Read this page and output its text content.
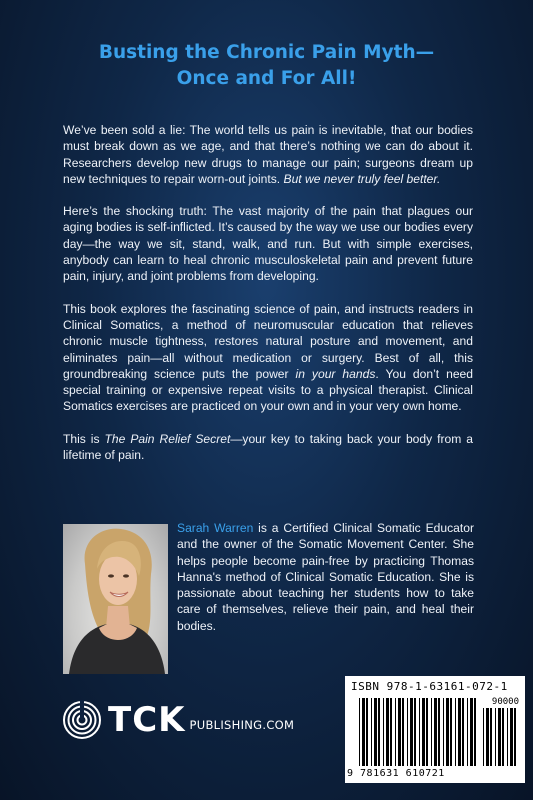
Busting the Chronic Pain Myth—
Once and For All!

We’ve been sold a lie: The world tells us pain is inevitable, that our bodies must break down as we age, and that there’s nothing we can do about it. Researchers develop new drugs to manage our pain; surgeons dream up new techniques to repair worn-out joints. But we never truly feel better.

Here’s the shocking truth: The vast majority of the pain that plagues our aging bodies is self-inflicted. It’s caused by the way we use our bodies every day—the way we sit, stand, walk, and run. But with simple exercises, anybody can learn to heal chronic musculoskeletal pain and prevent future pain, injury, and joint problems from developing.

This book explores the fascinating science of pain, and instructs readers in Clinical Somatics, a method of neuromuscular education that relieves chronic muscle tightness, restores natural posture and movement, and eliminates pain—all without medication or surgery. Best of all, this groundbreaking science puts the power in your hands. You don’t need special training or expensive repeat visits to a physical therapist. Clinical Somatics exercises are practiced on your own and in your very own home.

This is The Pain Relief Secret—your key to taking back your body from a lifetime of pain.

Sarah Warren is a Certified Clinical Somatic Educator and the owner of the Somatic Movement Center. She helps people become pain-free by practicing Thomas Hanna's method of Clinical Somatic Education. She is passionate about teaching her students how to take care of themselves, relieve their pain, and heal their bodies.
TCK PUBLISHING.COM
ISBN 978-1-63161-072-1
90000
9 781631 610721
